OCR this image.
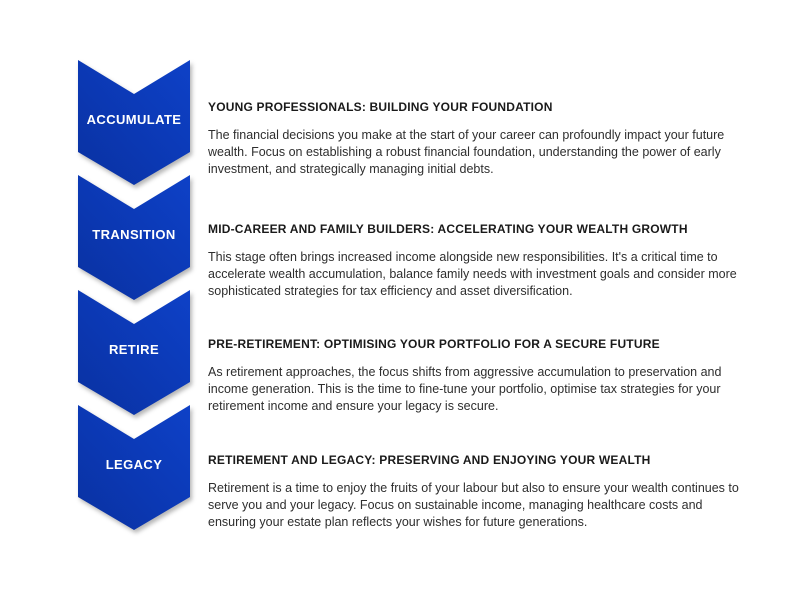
ACCUMULATE
YOUNG PROFESSIONALS: BUILDING YOUR FOUNDATION

The financial decisions you make at the start of your career can profoundly impact your future wealth. Focus on establishing a robust financial foundation, understanding the power of early investment, and strategically managing initial debts.

TRANSITION	MID-CAREER AND FAMILY BUILDERS: ACCELERATING YOUR WEALTH GROWTH

This stage often brings increased income alongside new responsibilities. It's a critical time to accelerate wealth accumulation, balance family needs with investment goals and consider more sophisticated strategies for tax efficiency and asset diversification.

RETIRE	PRE-RETIREMENT: OPTIMISING YOUR PORTFOLIO FOR A SECURE FUTURE

As retirement approaches, the focus shifts from aggressive accumulation to preservation and income generation. This is the time to fine-tune your portfolio, optimise tax strategies for your retirement income and ensure your legacy is secure.

LEGACY	RETIREMENT AND LEGACY: PRESERVING AND ENJOYING YOUR WEALTH

Retirement is a time to enjoy the fruits of your labour but also to ensure your wealth continues to serve you and your legacy. Focus on sustainable income, managing healthcare costs and ensuring your estate plan reflects your wishes for future generations.
